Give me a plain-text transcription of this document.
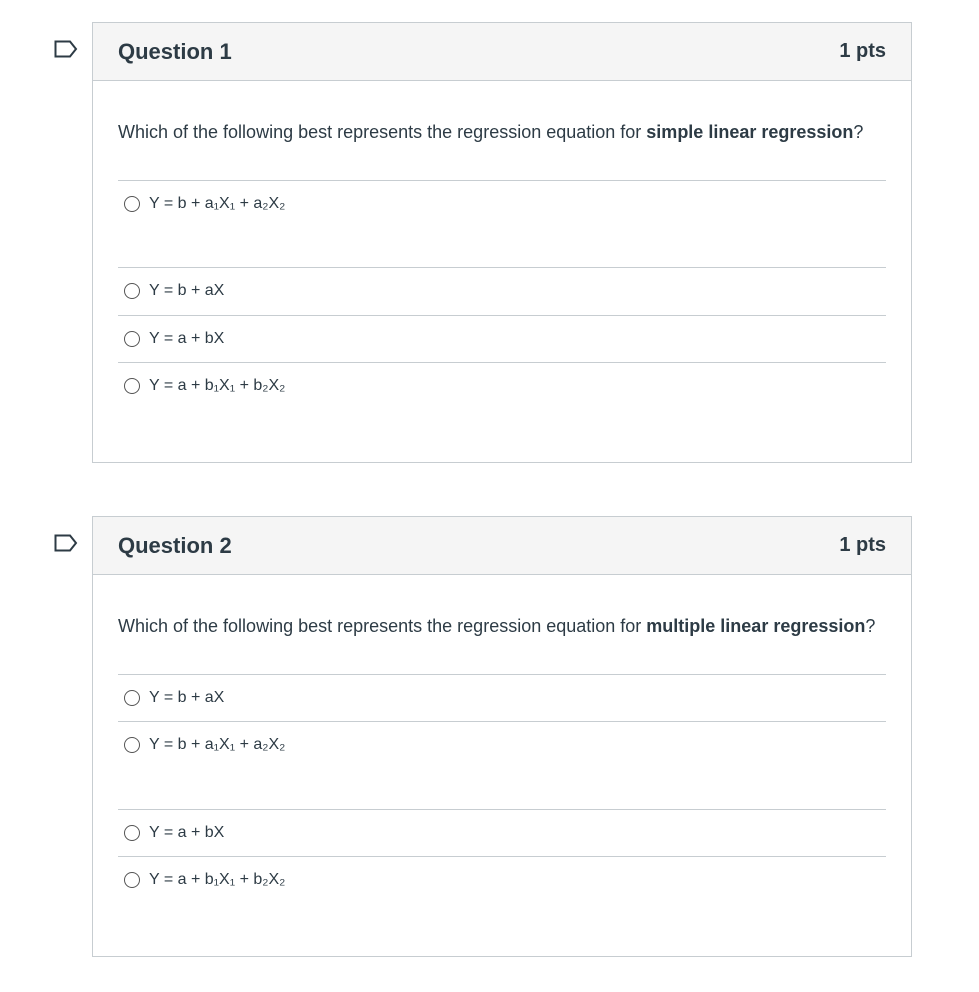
Question 1	1 pts

Which of the following best represents the regression equation for simple linear regression?

Y = b + a₁X₁ + a₂X₂
Y = b + aX
Y = a + bX
Y = a + b₁X₁ + b₂X₂
Question 2	1 pts

Which of the following best represents the regression equation for multiple linear regression?

Y = b + aX
Y = b + a₁X₁ + a₂X₂
Y = a + bX
Y = a + b₁X₁ + b₂X₂
